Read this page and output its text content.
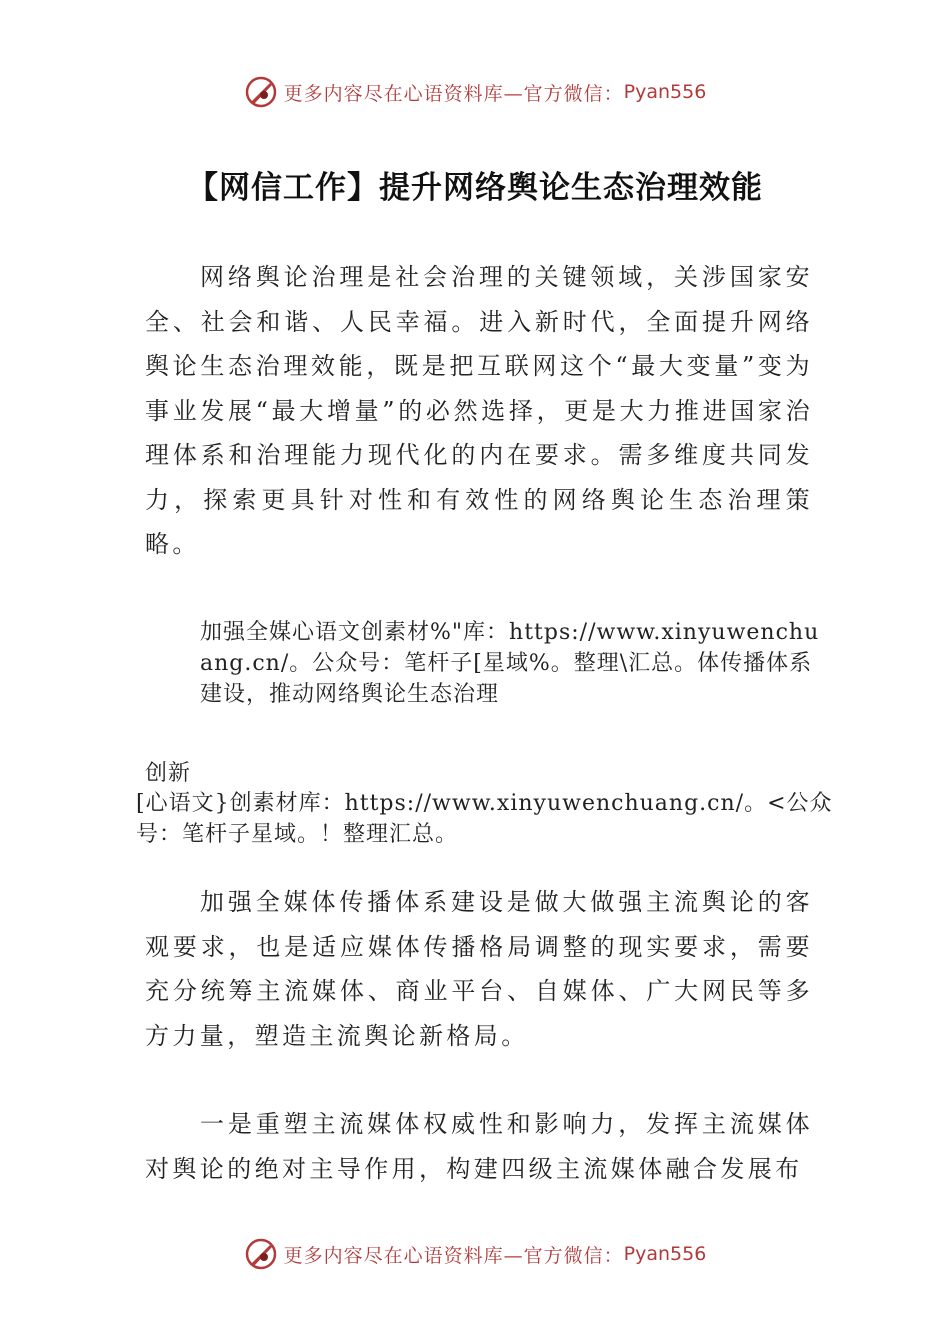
更多内容尽在心语资料库—官方微信： Pyan556
【网信工作】提升网络舆论生态治理效能

网络舆论治理是社会治理的关键领域，关涉国家安全、社会和谐、人民幸福。进入新时代，全面提升网络舆论生态治理效能，既是把互联网这个“最大变量”变为事业发展“最大增量”的必然选择，更是大力推进国家治理体系和治理能力现代化的内在要求。需多维度共同发力，探索更具针对性和有效性的网络舆论生态治理策略。

加强全媒心语文创素材%"库：https://www.xinyuwenchuang.cn/。公众号：笔杆子[星域%。整理\汇总。体传播体系建设，推动网络舆论生态治理

创新

[心语文}创素材库：https://www.xinyuwenchuang.cn/。<公众号：笔杆子星域。！整理汇总。

加强全媒体传播体系建设是做大做强主流舆论的客观要求，也是适应媒体传播格局调整的现实要求，需要充分统筹主流媒体、商业平台、自媒体、广大网民等多方力量，塑造主流舆论新格局。

一是重塑主流媒体权威性和影响力，发挥主流媒体对舆论的绝对主导作用，构建四级主流媒体融合发展布

更多内容尽在心语资料库—官方微信： Pyan556
